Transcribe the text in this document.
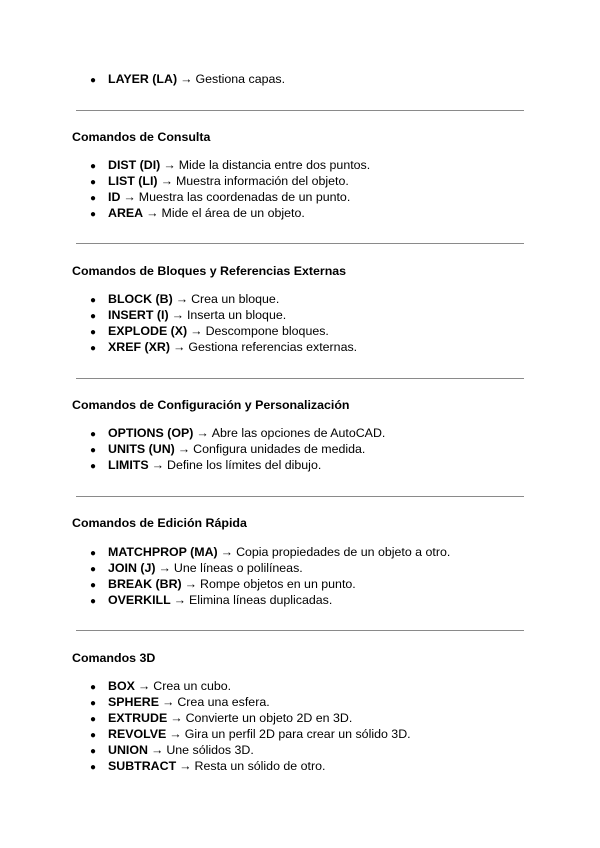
● LAYER (LA) → Gestiona capas.
Comandos de Consulta
● DIST (DI) → Mide la distancia entre dos puntos.
● LIST (LI) → Muestra información del objeto.
● ID → Muestra las coordenadas de un punto.
● AREA → Mide el área de un objeto.
Comandos de Bloques y Referencias Externas
● BLOCK (B) → Crea un bloque.
● INSERT (I) → Inserta un bloque.
● EXPLODE (X) → Descompone bloques.
● XREF (XR) → Gestiona referencias externas.
Comandos de Configuración y Personalización
● OPTIONS (OP) → Abre las opciones de AutoCAD.
● UNITS (UN) → Configura unidades de medida.
● LIMITS → Define los límites del dibujo.
Comandos de Edición Rápida
● MATCHPROP (MA) → Copia propiedades de un objeto a otro.
● JOIN (J) → Une líneas o polilíneas.
● BREAK (BR) → Rompe objetos en un punto.
● OVERKILL → Elimina líneas duplicadas.
Comandos 3D
● BOX → Crea un cubo.
● SPHERE → Crea una esfera.
● EXTRUDE → Convierte un objeto 2D en 3D.
● REVOLVE → Gira un perfil 2D para crear un sólido 3D.
● UNION → Une sólidos 3D.
● SUBTRACT → Resta un sólido de otro.
